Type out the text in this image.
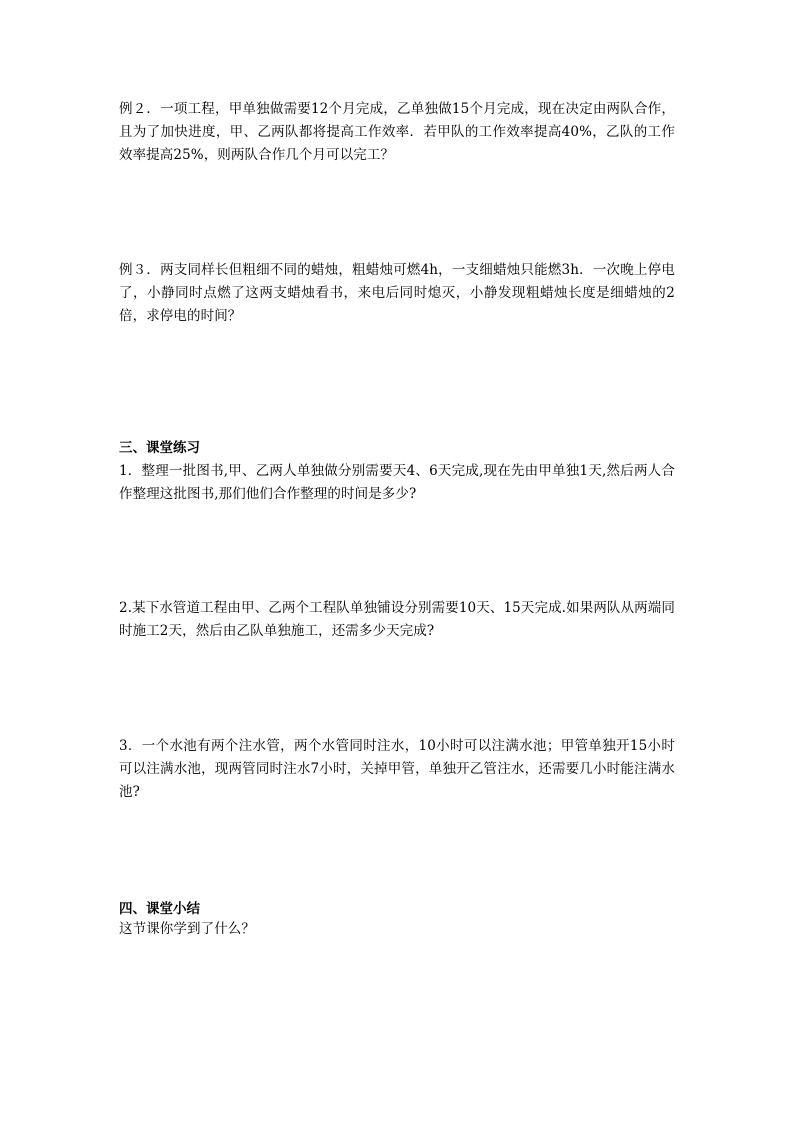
例２．一项工程，甲单独做需要12个月完成，乙单独做15个月完成，现在决定由两队合作，且为了加快进度，甲、乙两队都将提高工作效率．若甲队的工作效率提高40%，乙队的工作效率提高25%，则两队合作几个月可以完工？

例３．两支同样长但粗细不同的蜡烛，粗蜡烛可燃4h，一支细蜡烛只能燃3h．一次晚上停电了，小静同时点燃了这两支蜡烛看书，来电后同时熄灭，小静发现粗蜡烛长度是细蜡烛的2倍，求停电的时间？

三、课堂练习

1．整理一批图书,甲、乙两人单独做分别需要天4、6天完成,现在先由甲单独1天,然后两人合作整理这批图书,那们他们合作整理的时间是多少?

2.某下水管道工程由甲、乙两个工程队单独铺设分别需要10天、15天完成.如果两队从两端同时施工2天，然后由乙队单独施工，还需多少天完成?

3．一个水池有两个注水管，两个水管同时注水，10小时可以注满水池；甲管单独开15小时可以注满水池，现两管同时注水7小时，关掉甲管，单独开乙管注水，还需要几小时能注满水池?

四、课堂小结

这节课你学到了什么？
